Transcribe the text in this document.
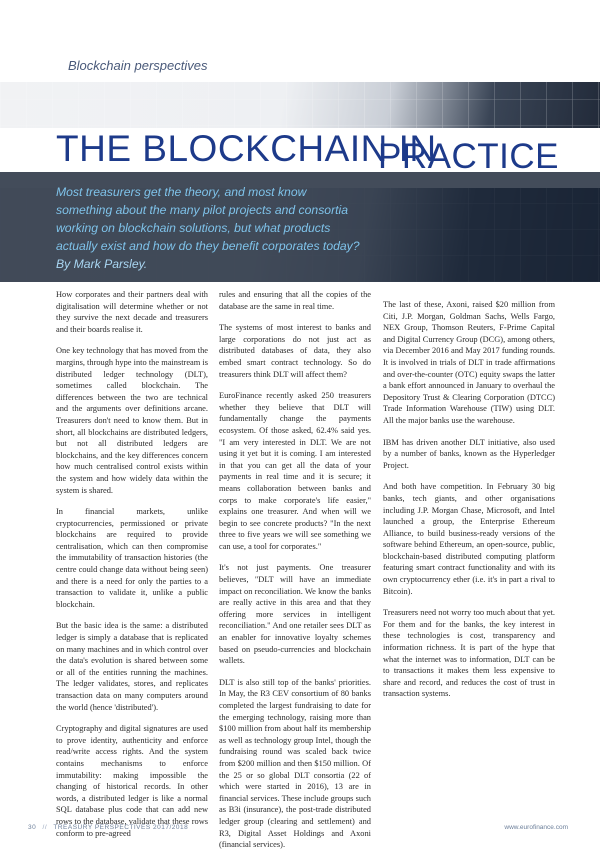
Blockchain perspectives
THE BLOCKCHAIN IN
PRACTICE
Most treasurers get the theory, and most know something about the many pilot projects and consortia working on blockchain solutions, but what products actually exist and how do they benefit corporates today? By Mark Parsley.

How corporates and their partners deal with digitalisation will determine whether or not they survive the next decade and treasurers and their boards realise it.

One key technology that has moved from the margins, through hype into the mainstream is distributed ledger technology (DLT), sometimes called blockchain. The differences between the two are technical and the arguments over definitions arcane. Treasurers don't need to know them. But in short, all blockchains are distributed ledgers, but not all distributed ledgers are blockchains, and the key differences concern how much centralised control exists within the system and how widely data within the system is shared.

In financial markets, unlike cryptocurrencies, permissioned or private blockchains are required to provide centralisation, which can then compromise the immutability of transaction histories (the centre could change data without being seen) and there is a need for only the parties to a transaction to validate it, unlike a public blockchain.

But the basic idea is the same: a distributed ledger is simply a database that is replicated on many machines and in which control over the data's evolution is shared between some or all of the entities running the machines. The ledger validates, stores, and replicates transaction data on many computers around the world (hence 'distributed').

Cryptography and digital signatures are used to prove identity, authenticity and enforce read/write access rights. And the system contains mechanisms to enforce immutability: making impossible the changing of historical records. In other words, a distributed ledger is like a normal SQL database plus code that can add new rows to the database, validate that these rows conform to pre-agreed

rules and ensuring that all the copies of the database are the same in real time.

The systems of most interest to banks and large corporations do not just act as distributed databases of data, they also embed smart contract technology. So do treasurers think DLT will affect them?

EuroFinance recently asked 250 treasurers whether they believe that DLT will fundamentally change the payments ecosystem. Of those asked, 62.4% said yes. "I am very interested in DLT. We are not using it yet but it is coming. I am interested in that you can get all the data of your payments in real time and it is secure; it means collaboration between banks and corps to make corporate's life easier," explains one treasurer. And when will we begin to see concrete products? "In the next three to five years we will see something we can use, a tool for corporates."

It's not just payments. One treasurer believes, "DLT will have an immediate impact on reconciliation. We know the banks are really active in this area and that they offering more services in intelligent reconciliation." And one retailer sees DLT as an enabler for innovative loyalty schemes based on pseudo-currencies and blockchain wallets.

DLT is also still top of the banks' priorities. In May, the R3 CEV consortium of 80 banks completed the largest fundraising to date for the emerging technology, raising more than $100 million from about half its membership as well as technology group Intel, though the fundraising round was scaled back twice from $200 million and then $150 million. Of the 25 or so global DLT consortia (22 of which were started in 2016), 13 are in financial services. These include groups such as B3i (insurance), the post-trade distributed ledger group (clearing and settlement) and R3, Digital Asset Holdings and Axoni (financial services).

The last of these, Axoni, raised $20 million from Citi, J.P. Morgan, Goldman Sachs, Wells Fargo, NEX Group, Thomson Reuters, F-Prime Capital and Digital Currency Group (DCG), among others, via December 2016 and May 2017 funding rounds. It is involved in trials of DLT in trade affirmations and over-the-counter (OTC) equity swaps the latter a bank effort announced in January to overhaul the Depository Trust & Clearing Corporation (DTCC) Trade Information Warehouse (TIW) using DLT. All the major banks use the warehouse.

IBM has driven another DLT initiative, also used by a number of banks, known as the Hyperledger Project.

And both have competition. In February 30 big banks, tech giants, and other organisations including J.P. Morgan Chase, Microsoft, and Intel launched a group, the Enterprise Ethereum Alliance, to build business-ready versions of the software behind Ethereum, an open-source, public, blockchain-based distributed computing platform featuring smart contract functionality and with its own cryptocurrency ether (i.e. it's in part a rival to Bitcoin).

Treasurers need not worry too much about that yet. For them and for the banks, the key interest in these technologies is cost, transparency and information richness. It is part of the hype that what the internet was to information, DLT can be to transactions it makes them less expensive to share and record, and reduces the cost of trust in transaction systems.

30 // TREASURY PERSPECTIVES 2017/2018	www.eurofinance.com
